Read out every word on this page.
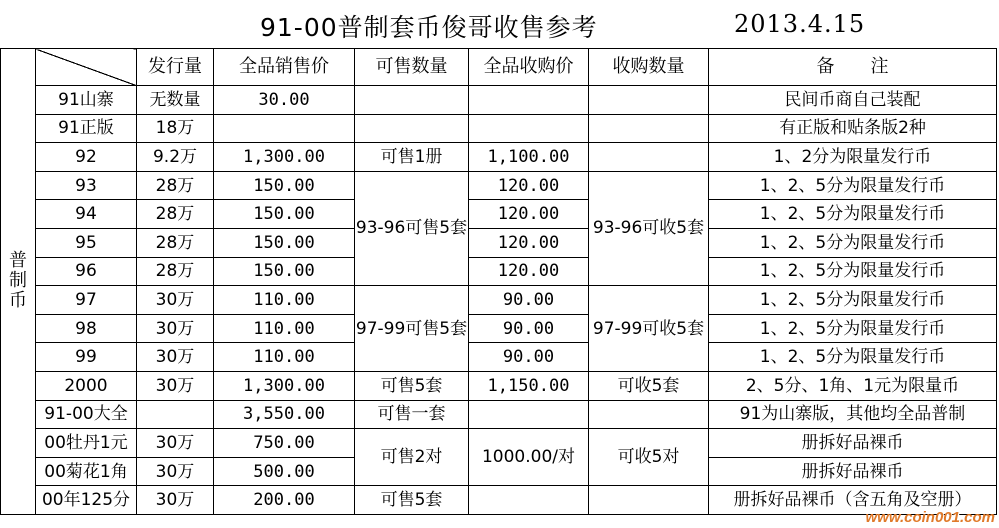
91-00普制套币俊哥收售参考	2013.4.15
普
制
币		发行量	全品销售价	可售数量	全品收购价	收购数量	备　　注
	91山寨	无数量	30.00				民间币商自己装配
	91正版	18万					有正版和贴条版2种
	92	9.2万	1,300.00	可售1册	1,100.00		1、2分为限量发行币
	93	28万	150.00	93-96可售5套	120.00	93-96可收5套	1、2、5分为限量发行币
	94	28万	150.00		120.00		1、2、5分为限量发行币
	95	28万	150.00		120.00		1、2、5分为限量发行币
	96	28万	150.00		120.00		1、2、5分为限量发行币
	97	30万	110.00	97-99可售5套	90.00	97-99可收5套	1、2、5分为限量发行币
	98	30万	110.00		90.00		1、2、5分为限量发行币
	99	30万	110.00		90.00		1、2、5分为限量发行币
	2000	30万	1,300.00	可售5套	1,150.00	可收5套	2、5分、1角、1元为限量币
	91-00大全		3,550.00	可售一套			91为山寨版，其他均全品普制
	00牡丹1元	30万	750.00	可售2对	1000.00/对	可收5对	册拆好品裸币
	00菊花1角	30万	500.00				册拆好品裸币
	00年125分	30万	200.00	可售5套			册拆好品裸币（含五角及空册）
www.coin001.com
